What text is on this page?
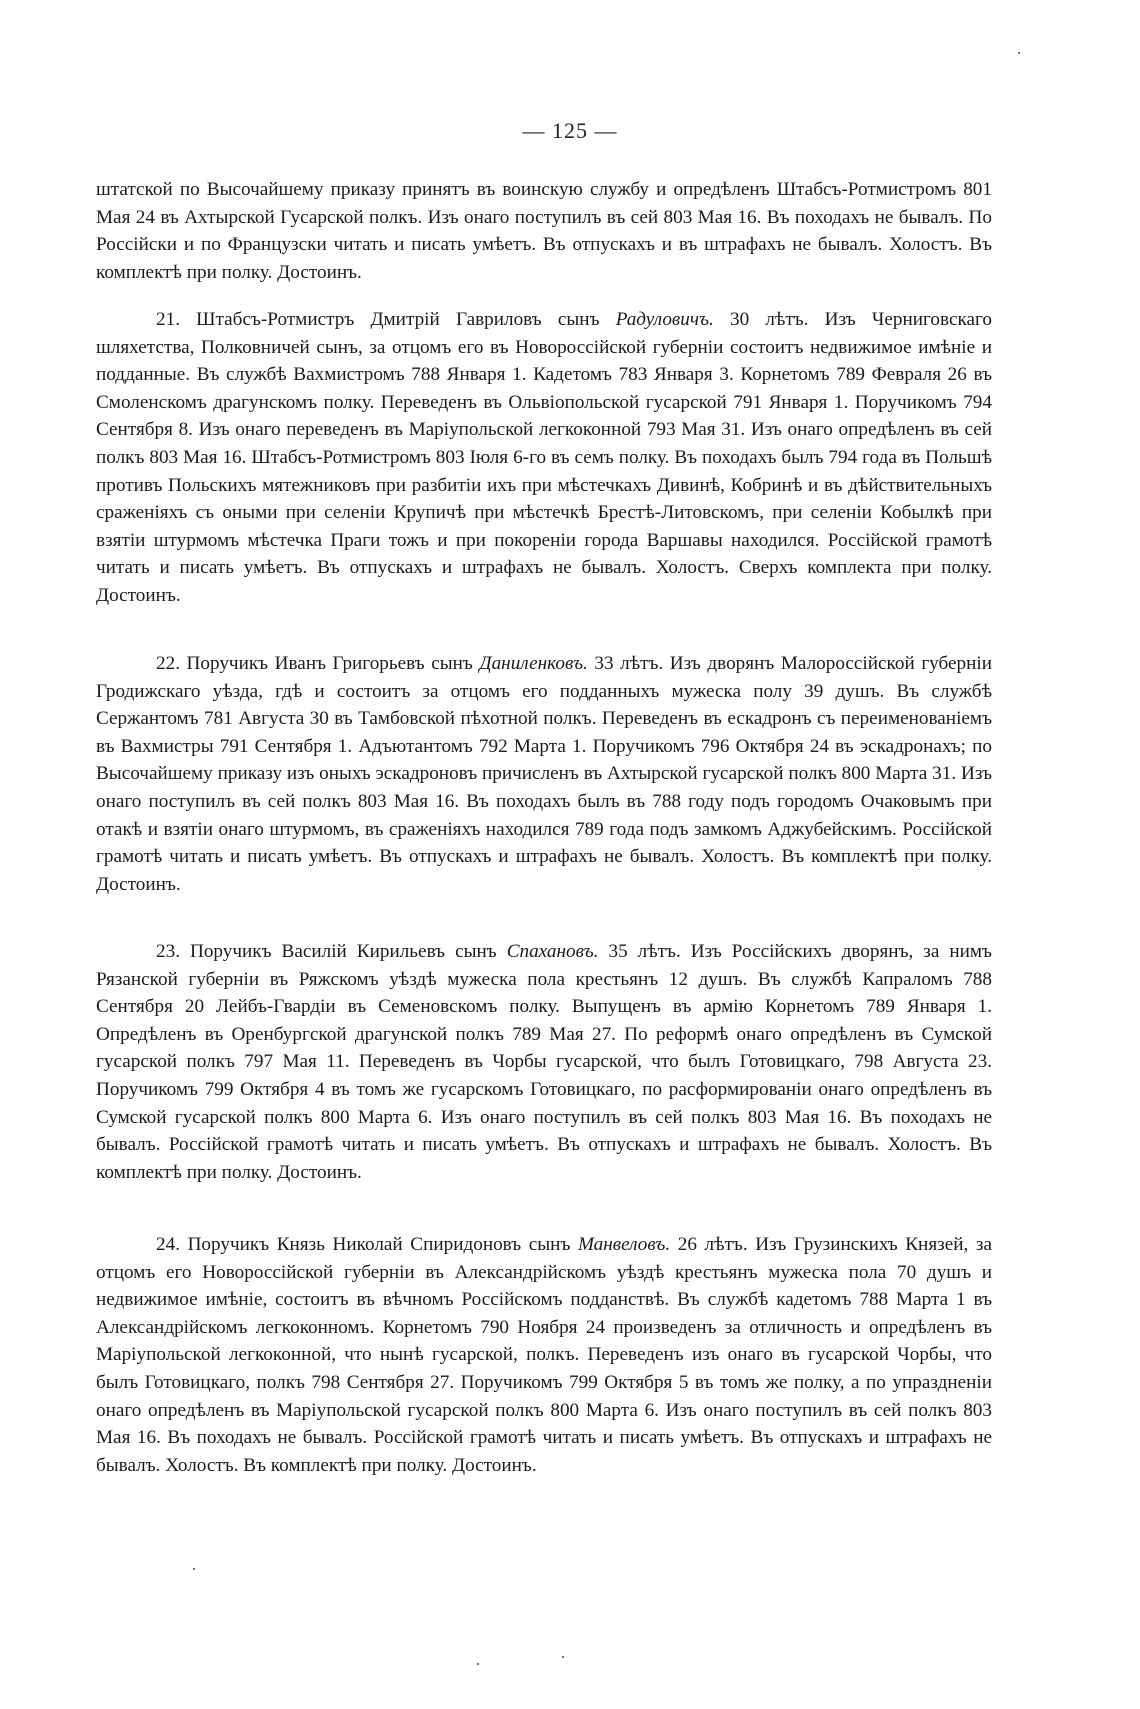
— 125 —

штатской по Высочайшему приказу принятъ въ воинскую службу и опредѣленъ Штабсъ-Ротмистромъ 801 Мая 24 въ Ахтырской Гусарской полкъ. Изъ онаго поступилъ въ сей 803 Мая 16. Въ походахъ не бывалъ. По Россійски и по Французски читать и писать умѣетъ. Въ отпускахъ и въ штрафахъ не бывалъ. Холостъ. Въ комплектѣ при полку. Достоинъ.

21. Штабсъ-Ротмистръ Дмитрій Гавриловъ сынъ Радуловичъ. 30 лѣтъ. Изъ Черниговскаго шляхетства, Полковничей сынъ, за отцомъ его въ Новороссійской губерніи состоитъ недвижимое имѣніе и подданные. Въ службѣ Вахмистромъ 788 Января 1. Кадетомъ 783 Января 3. Корнетомъ 789 Февраля 26 въ Смоленскомъ драгунскомъ полку. Переведенъ въ Ольвіопольской гусарской 791 Января 1. Поручикомъ 794 Сентября 8. Изъ онаго переведенъ въ Маріупольской легкоконной 793 Мая 31. Изъ онаго опредѣленъ въ сей полкъ 803 Мая 16. Штабсъ-Ротмистромъ 803 Іюля 6-го въ семъ полку. Въ походахъ былъ 794 года въ Польшѣ противъ Польскихъ мятежниковъ при разбитіи ихъ при мѣстечкахъ Дивинѣ, Кобринѣ и въ дѣйствительныхъ сраженіяхъ съ оными при селеніи Крупичѣ при мѣстечкѣ Брестѣ-Литовскомъ, при селеніи Кобылкѣ при взятіи штурмомъ мѣстечка Праги тожъ и при покореніи города Варшавы находился. Россійской грамотѣ читать и писать умѣетъ. Въ отпускахъ и штрафахъ не бывалъ. Холостъ. Сверхъ комплекта при полку. Достоинъ.

22. Поручикъ Иванъ Григорьевъ сынъ Даниленковъ. 33 лѣтъ. Изъ дворянъ Малороссійской губерніи Гродижскаго уѣзда, гдѣ и состоитъ за отцомъ его подданныхъ мужеска полу 39 душъ. Въ службѣ Сержантомъ 781 Августа 30 въ Тамбовской пѣхотной полкъ. Переведенъ въ ескадронъ съ переименованіемъ въ Вахмистры 791 Сентября 1. Адъютантомъ 792 Марта 1. Поручикомъ 796 Октября 24 въ эскадронахъ; по Высочайшему приказу изъ оныхъ эскадроновъ причисленъ въ Ахтырской гусарской полкъ 800 Марта 31. Изъ онаго поступилъ въ сей полкъ 803 Мая 16. Въ походахъ былъ въ 788 году подъ городомъ Очаковымъ при отакѣ и взятіи онаго штурмомъ, въ сраженіяхъ находился 789 года подъ замкомъ Аджубейскимъ. Россійской грамотѣ читать и писать умѣетъ. Въ отпускахъ и штрафахъ не бывалъ. Холостъ. Въ комплектѣ при полку. Достоинъ.

23. Поручикъ Василій Кирильевъ сынъ Спахановъ. 35 лѣтъ. Изъ Россійскихъ дворянъ, за нимъ Рязанской губерніи въ Ряжскомъ уѣздѣ мужеска пола крестьянъ 12 душъ. Въ службѣ Капраломъ 788 Сентября 20 Лейбъ-Гвардіи въ Семеновскомъ полку. Выпущенъ въ армію Корнетомъ 789 Января 1. Опредѣленъ въ Оренбургской драгунской полкъ 789 Мая 27. По реформѣ онаго опредѣленъ въ Сумской гусарской полкъ 797 Мая 11. Переведенъ въ Чорбы гусарской, что былъ Готовицкаго, 798 Августа 23. Поручикомъ 799 Октября 4 въ томъ же гусарскомъ Готовицкаго, по расформированіи онаго опредѣленъ въ Сумской гусарской полкъ 800 Марта 6. Изъ онаго поступилъ въ сей полкъ 803 Мая 16. Въ походахъ не бывалъ. Россійской грамотѣ читать и писать умѣетъ. Въ отпускахъ и штрафахъ не бывалъ. Холостъ. Въ комплектѣ при полку. Достоинъ.

24. Поручикъ Князь Николай Спиридоновъ сынъ Манвеловъ. 26 лѣтъ. Изъ Грузинскихъ Князей, за отцомъ его Новороссійской губерніи въ Александрійскомъ уѣздѣ крестьянъ мужеска пола 70 душъ и недвижимое имѣніе, состоитъ въ вѣчномъ Россійскомъ подданствѣ. Въ службѣ кадетомъ 788 Марта 1 въ Александрійскомъ легкоконномъ. Корнетомъ 790 Ноября 24 произведенъ за отличность и опредѣленъ въ Маріупольской легкоконной, что нынѣ гусарской, полкъ. Переведенъ изъ онаго въ гусарской Чорбы, что былъ Готовицкаго, полкъ 798 Сентября 27. Поручикомъ 799 Октября 5 въ томъ же полку, а по упраздненіи онаго опредѣленъ въ Маріупольской гусарской полкъ 800 Марта 6. Изъ онаго поступилъ въ сей полкъ 803 Мая 16. Въ походахъ не бывалъ. Россійской грамотѣ читать и писать умѣетъ. Въ отпускахъ и штрафахъ не бывалъ. Холостъ. Въ комплектѣ при полку. Достоинъ.
